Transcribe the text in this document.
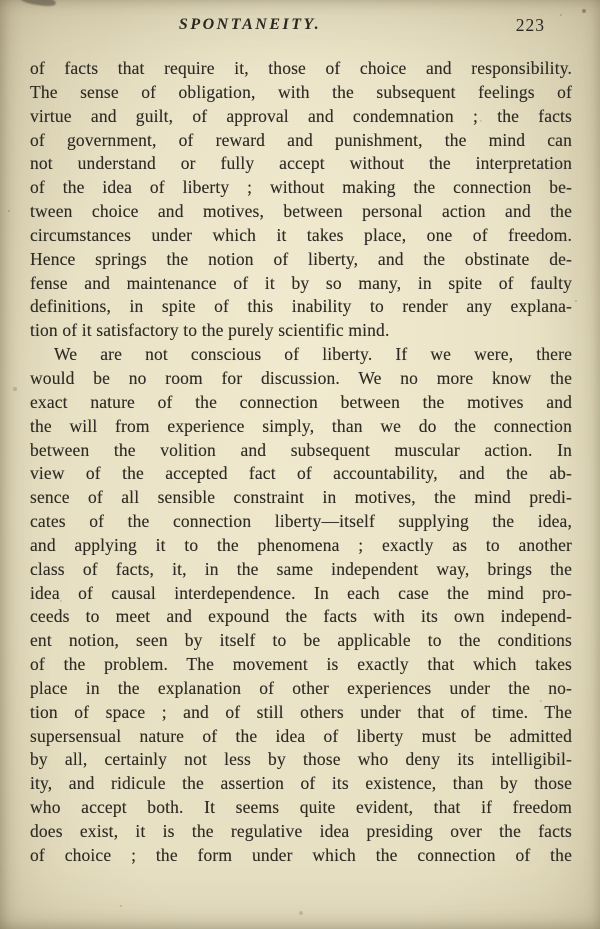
SPONTANEITY.	223
of facts that require it, those of choice and responsibility.
The sense of obligation, with the subsequent feelings of
virtue and guilt, of approval and condemnation ; the facts
of government, of reward and punishment, the mind can
not understand or fully accept without the interpretation
of the idea of liberty ; without making the connection be-
tween choice and motives, between personal action and the
circumstances under which it takes place, one of freedom.
Hence springs the notion of liberty, and the obstinate de-
fense and maintenance of it by so many, in spite of faulty
definitions, in spite of this inability to render any explana-
tion of it satisfactory to the purely scientific mind.
We are not conscious of liberty. If we were, there
would be no room for discussion. We no more know the
exact nature of the connection between the motives and
the will from experience simply, than we do the connection
between the volition and subsequent muscular action. In
view of the accepted fact of accountability, and the ab-
sence of all sensible constraint in motives, the mind predi-
cates of the connection liberty—itself supplying the idea,
and applying it to the phenomena ; exactly as to another
class of facts, it, in the same independent way, brings the
idea of causal interdependence. In each case the mind pro-
ceeds to meet and expound the facts with its own independ-
ent notion, seen by itself to be applicable to the conditions
of the problem. The movement is exactly that which takes
place in the explanation of other experiences under the no-
tion of space ; and of still others under that of time. The
supersensual nature of the idea of liberty must be admitted
by all, certainly not less by those who deny its intelligibil-
ity, and ridicule the assertion of its existence, than by those
who accept both. It seems quite evident, that if freedom
does exist, it is the regulative idea presiding over the facts
of choice ; the form under which the connection of the
